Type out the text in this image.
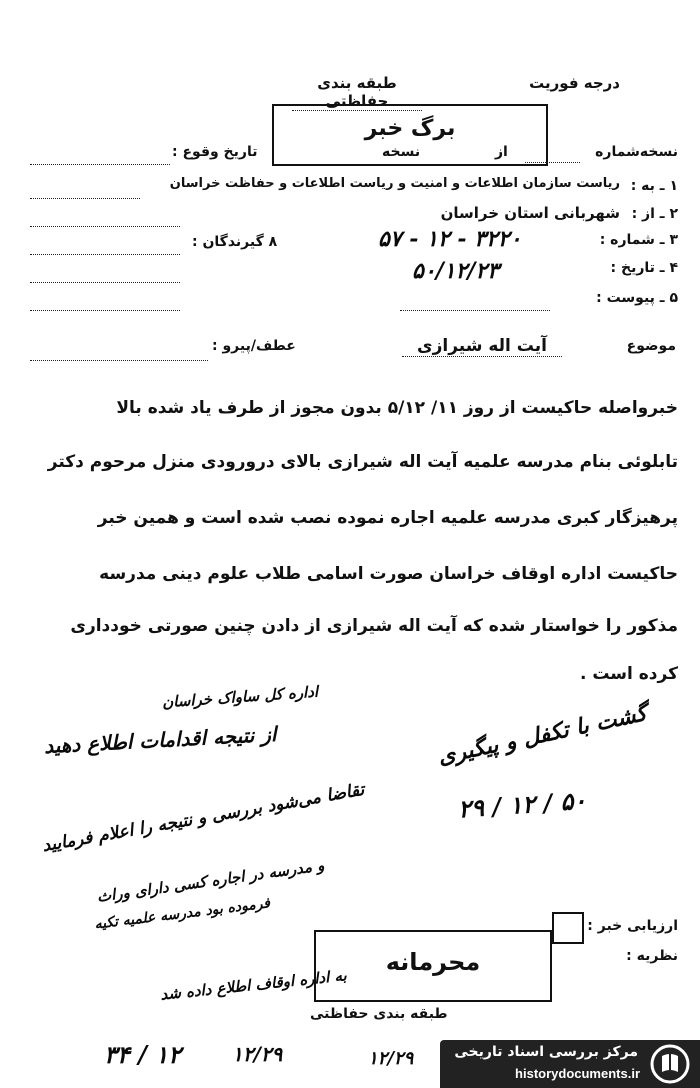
درجه فوریت
طبقه بندی حفاظتی
برگ خبر
نسخه‌شماره
از
نسخه
تاریخ وقوع :
۱ ـ به :
ریاست سازمان اطلاعات و امنیت و ریاست اطلاعات و حفاظت خراسان
۲ ـ از :
شهربانی استان خراسان
۳ ـ شماره :
۵۷ - ۱۲ - ۳۲۲۰
۸ گیرندگان :
۴ ـ تاریخ :
۵۰/۱۲/۲۳
۵ ـ پیوست :
موضوع
آیت اله شیرازی
عطف/پیرو :
خبرواصله حاکیست از روز ۱۱/ ۵/۱۲ بدون مجوز از طرف یاد شده بالا
تابلوئی بنام مدرسه علمیه آیت اله شیرازی بالای درورودی منزل مرحوم دکتر
پرهیزگار کبری مدرسه علمیه اجاره نموده نصب شده است و همین خبر
حاکیست اداره اوقاف خراسان صورت اسامی طلاب علوم دینی مدرسه
مذکور را خواستار شده که آیت اله شیرازی از دادن چنین صورتی خودداری
کرده است .
اداره کل ساواک خراسان
از نتیجه اقدامات اطلاع دهید	گشت با تکفل و پیگیری
۲۹ / ۱۲ / ۵۰
تقاضا می‌شود بررسی و نتیجه را اعلام فرمایید
و مدرسه در اجاره کسی دارای وراث
فرموده بود مدرسه علمیه تکیه
به اداره اوقاف اطلاع داده شد
۳۴ / ۱۲	۱۲/۲۹	۱۲/۲۹
ارزیابی خبر :
نظریه :
محرمانه
طبقه بندی حفاظتی
مرکز بررسی اسناد تاریخی
historydocuments.ir
